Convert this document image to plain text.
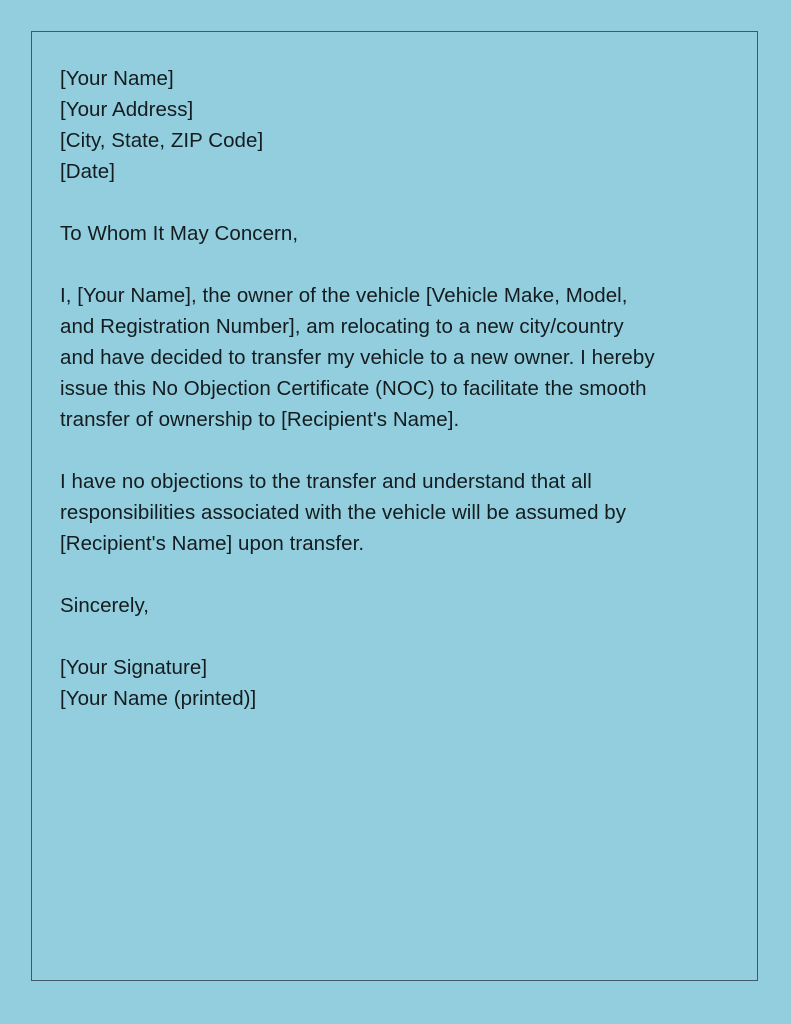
[Your Name]
[Your Address]
[City, State, ZIP Code]
[Date]
To Whom It May Concern,

I, [Your Name], the owner of the vehicle [Vehicle Make, Model, and Registration Number], am relocating to a new city/country and have decided to transfer my vehicle to a new owner. I hereby issue this No Objection Certificate (NOC) to facilitate the smooth transfer of ownership to [Recipient's Name].

I have no objections to the transfer and understand that all responsibilities associated with the vehicle will be assumed by [Recipient's Name] upon transfer.

Sincerely,
[Your Signature]
[Your Name (printed)]
